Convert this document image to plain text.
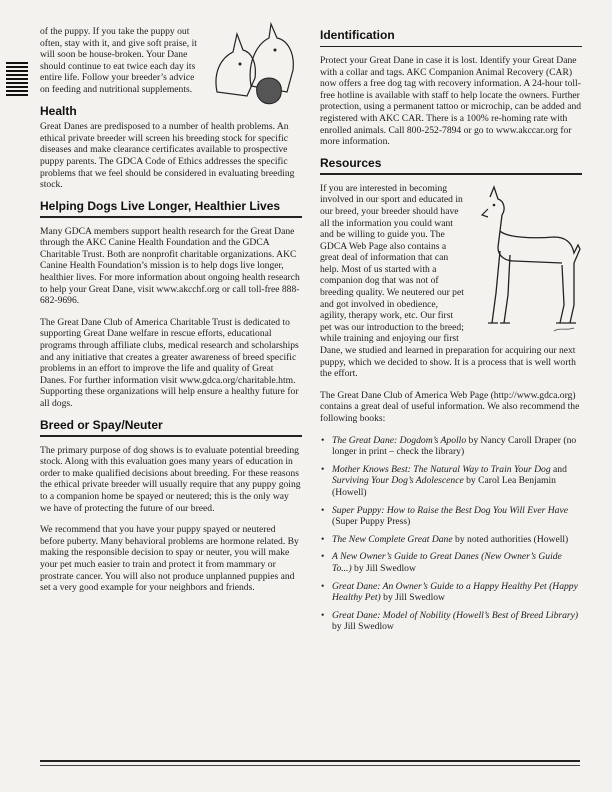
of the puppy. If you take the puppy out often, stay with it, and give soft praise, it will soon be house-broken. Your Dane should continue to eat twice each day its entire life. Follow your breeder’s advice on feeding and nutritional supplements.

Health

Great Danes are predisposed to a number of health problems. An ethical private breeder will screen his breeding stock for specific diseases and make clearance certificates available to prospective puppy parents. The GDCA Code of Ethics addresses the specific problems that we feel should be considered in evaluating breeding stock.

Helping Dogs Live Longer, Healthier Lives

Many GDCA members support health research for the Great Dane through the AKC Canine Health Foundation and the GDCA Charitable Trust. Both are nonprofit charitable organizations. AKC Canine Health Foundation’s mission is to help dogs live longer, healthier lives. For more information about ongoing health research to help your Great Dane, visit www.akcchf.org or call toll-free 888-682-9696.

The Great Dane Club of America Charitable Trust is dedicated to supporting Great Dane welfare in rescue efforts, educational programs through affiliate clubs, medical research and scholarships and any initiative that creates a greater awareness of breed specific problems in an effort to improve the life and quality of Great Danes. For further information visit www.gdca.org/charitable.htm. Supporting these organizations will help ensure a healthy future for all dogs.

Breed or Spay/Neuter

The primary purpose of dog shows is to evaluate potential breeding stock. Along with this evaluation goes many years of education in order to make qualified decisions about breeding. For these reasons the ethical private breeder will usually require that any puppy going to a companion home be spayed or neutered; this is the only way we have of protecting the future of our breed.

We recommend that you have your puppy spayed or neutered before puberty. Many behavioral problems are hormone related. By making the responsible decision to spay or neuter, you will make your pet much easier to train and protect it from mammary or prostrate cancer. You will also not produce unplanned puppies and set a very good example for your neighbors and friends.

Identification

Protect your Great Dane in case it is lost. Identify your Great Dane with a collar and tags. AKC Companion Animal Recovery (CAR) now offers a free dog tag with recovery information. A 24-hour toll-free hotline is available with staff to help locate the owners. Further protection, using a permanent tattoo or microchip, can be added and registered with AKC CAR. There is a 100% re-homing rate with enrolled animals. Call 800-252-7894 or go to www.akccar.org for more information.

Resources

If you are interested in becoming involved in our sport and educated in our breed, your breeder should have all the information you could want and be willing to guide you. The GDCA Web Page also contains a great deal of information that can help. Most of us started with a companion dog that was not of breeding quality. We neutered our pet and got involved in obedience, agility, therapy work, etc. Our first pet was our introduction to the breed; while training and enjoying our first Dane, we studied and learned in preparation for acquiring our next puppy, which we decided to show. It is a process that is well worth the effort.

The Great Dane Club of America Web Page (http://www.gdca.org) contains a great deal of useful information. We also recommend the following books:

• The Great Dane: Dogdom’s Apollo by Nancy Caroll Draper (no longer in print – check the library)
• Mother Knows Best: The Natural Way to Train Your Dog and Surviving Your Dog’s Adolescence by Carol Lea Benjamin (Howell)
• Super Puppy: How to Raise the Best Dog You Will Ever Have (Super Puppy Press)
• The New Complete Great Dane by noted authorities (Howell)
• A New Owner’s Guide to Great Danes (New Owner’s Guide To...) by Jill Swedlow
• Great Dane: An Owner’s Guide to a Happy Healthy Pet (Happy Healthy Pet) by Jill Swedlow
• Great Dane: Model of Nobility (Howell’s Best of Breed Library) by Jill Swedlow
